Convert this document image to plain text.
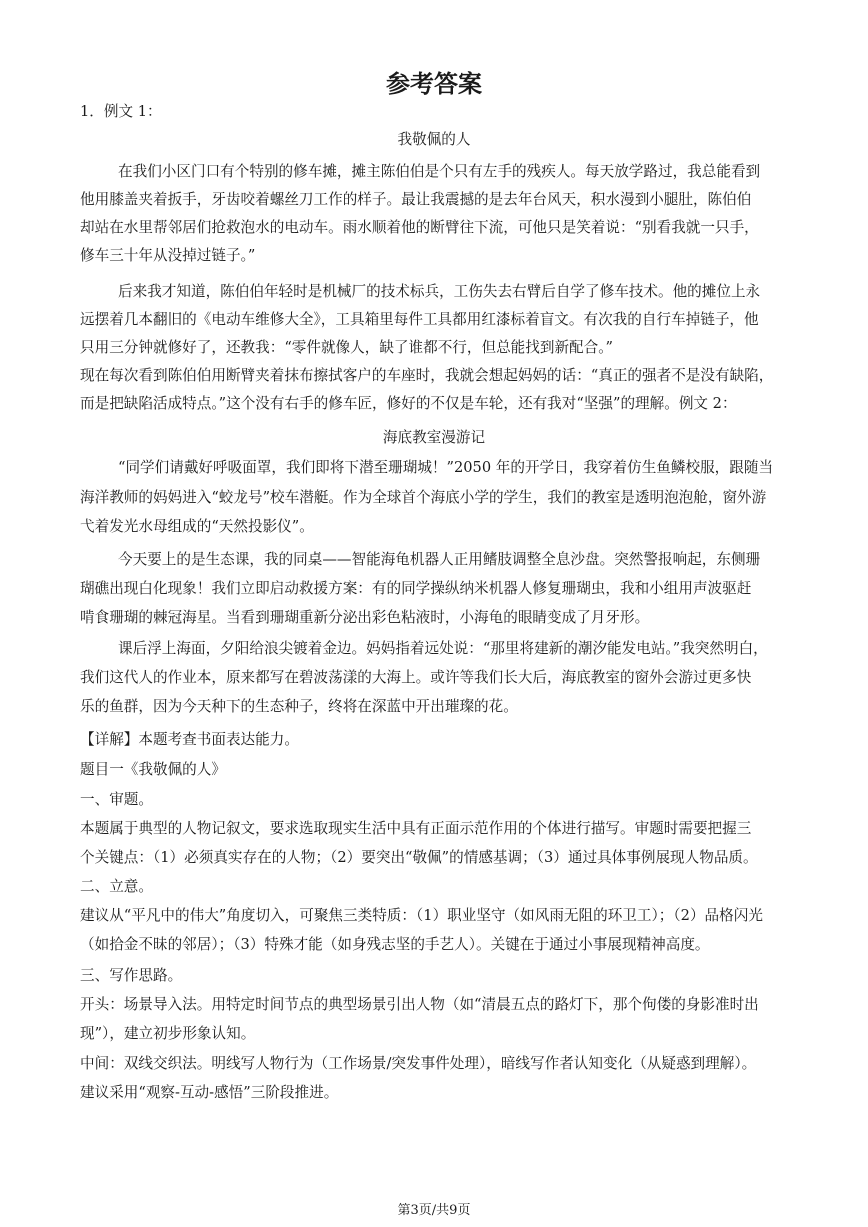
参考答案
1．例文 1：
我敬佩的人
在我们小区门口有个特别的修车摊，摊主陈伯伯是个只有左手的残疾人。每天放学路过，我总能看到
他用膝盖夹着扳手，牙齿咬着螺丝刀工作的样子。最让我震撼的是去年台风天，积水漫到小腿肚，陈伯伯
却站在水里帮邻居们抢救泡水的电动车。雨水顺着他的断臂往下流，可他只是笑着说：“别看我就一只手，
修车三十年从没掉过链子。”
后来我才知道，陈伯伯年轻时是机械厂的技术标兵，工伤失去右臂后自学了修车技术。他的摊位上永
远摆着几本翻旧的《电动车维修大全》，工具箱里每件工具都用红漆标着盲文。有次我的自行车掉链子，他
只用三分钟就修好了，还教我：“零件就像人，缺了谁都不行，但总能找到新配合。”
现在每次看到陈伯伯用断臂夹着抹布擦拭客户的车座时，我就会想起妈妈的话：“真正的强者不是没有缺陷，
而是把缺陷活成特点。”这个没有右手的修车匠，修好的不仅是车轮，还有我对“坚强”的理解。例文 2：
海底教室漫游记
“同学们请戴好呼吸面罩，我们即将下潜至珊瑚城！”2050 年的开学日，我穿着仿生鱼鳞校服，跟随当
海洋教师的妈妈进入“蛟龙号”校车潜艇。作为全球首个海底小学的学生，我们的教室是透明泡泡舱，窗外游
弋着发光水母组成的“天然投影仪”。
今天要上的是生态课，我的同桌——智能海龟机器人正用鳍肢调整全息沙盘。突然警报响起，东侧珊
瑚礁出现白化现象！我们立即启动救援方案：有的同学操纵纳米机器人修复珊瑚虫，我和小组用声波驱赶
啃食珊瑚的棘冠海星。当看到珊瑚重新分泌出彩色粘液时，小海龟的眼睛变成了月牙形。
课后浮上海面，夕阳给浪尖镀着金边。妈妈指着远处说：“那里将建新的潮汐能发电站。”我突然明白，
我们这代人的作业本，原来都写在碧波荡漾的大海上。或许等我们长大后，海底教室的窗外会游过更多快
乐的鱼群，因为今天种下的生态种子，终将在深蓝中开出璀璨的花。
【详解】本题考查书面表达能力。
题目一《我敬佩的人》
一、审题。
本题属于典型的人物记叙文，要求选取现实生活中具有正面示范作用的个体进行描写。审题时需要把握三
个关键点：（1）必须真实存在的人物；（2）要突出“敬佩”的情感基调；（3）通过具体事例展现人物品质。
二、立意。
建议从“平凡中的伟大”角度切入，可聚焦三类特质：（1）职业坚守（如风雨无阻的环卫工）；（2）品格闪光
（如拾金不昧的邻居）；（3）特殊才能（如身残志坚的手艺人）。关键在于通过小事展现精神高度。
三、写作思路。
开头：场景导入法。用特定时间节点的典型场景引出人物（如“清晨五点的路灯下，那个佝偻的身影准时出
现”），建立初步形象认知。
中间：双线交织法。明线写人物行为（工作场景/突发事件处理），暗线写作者认知变化（从疑惑到理解）。
建议采用“观察-互动-感悟”三阶段推进。
第3页/共9页
